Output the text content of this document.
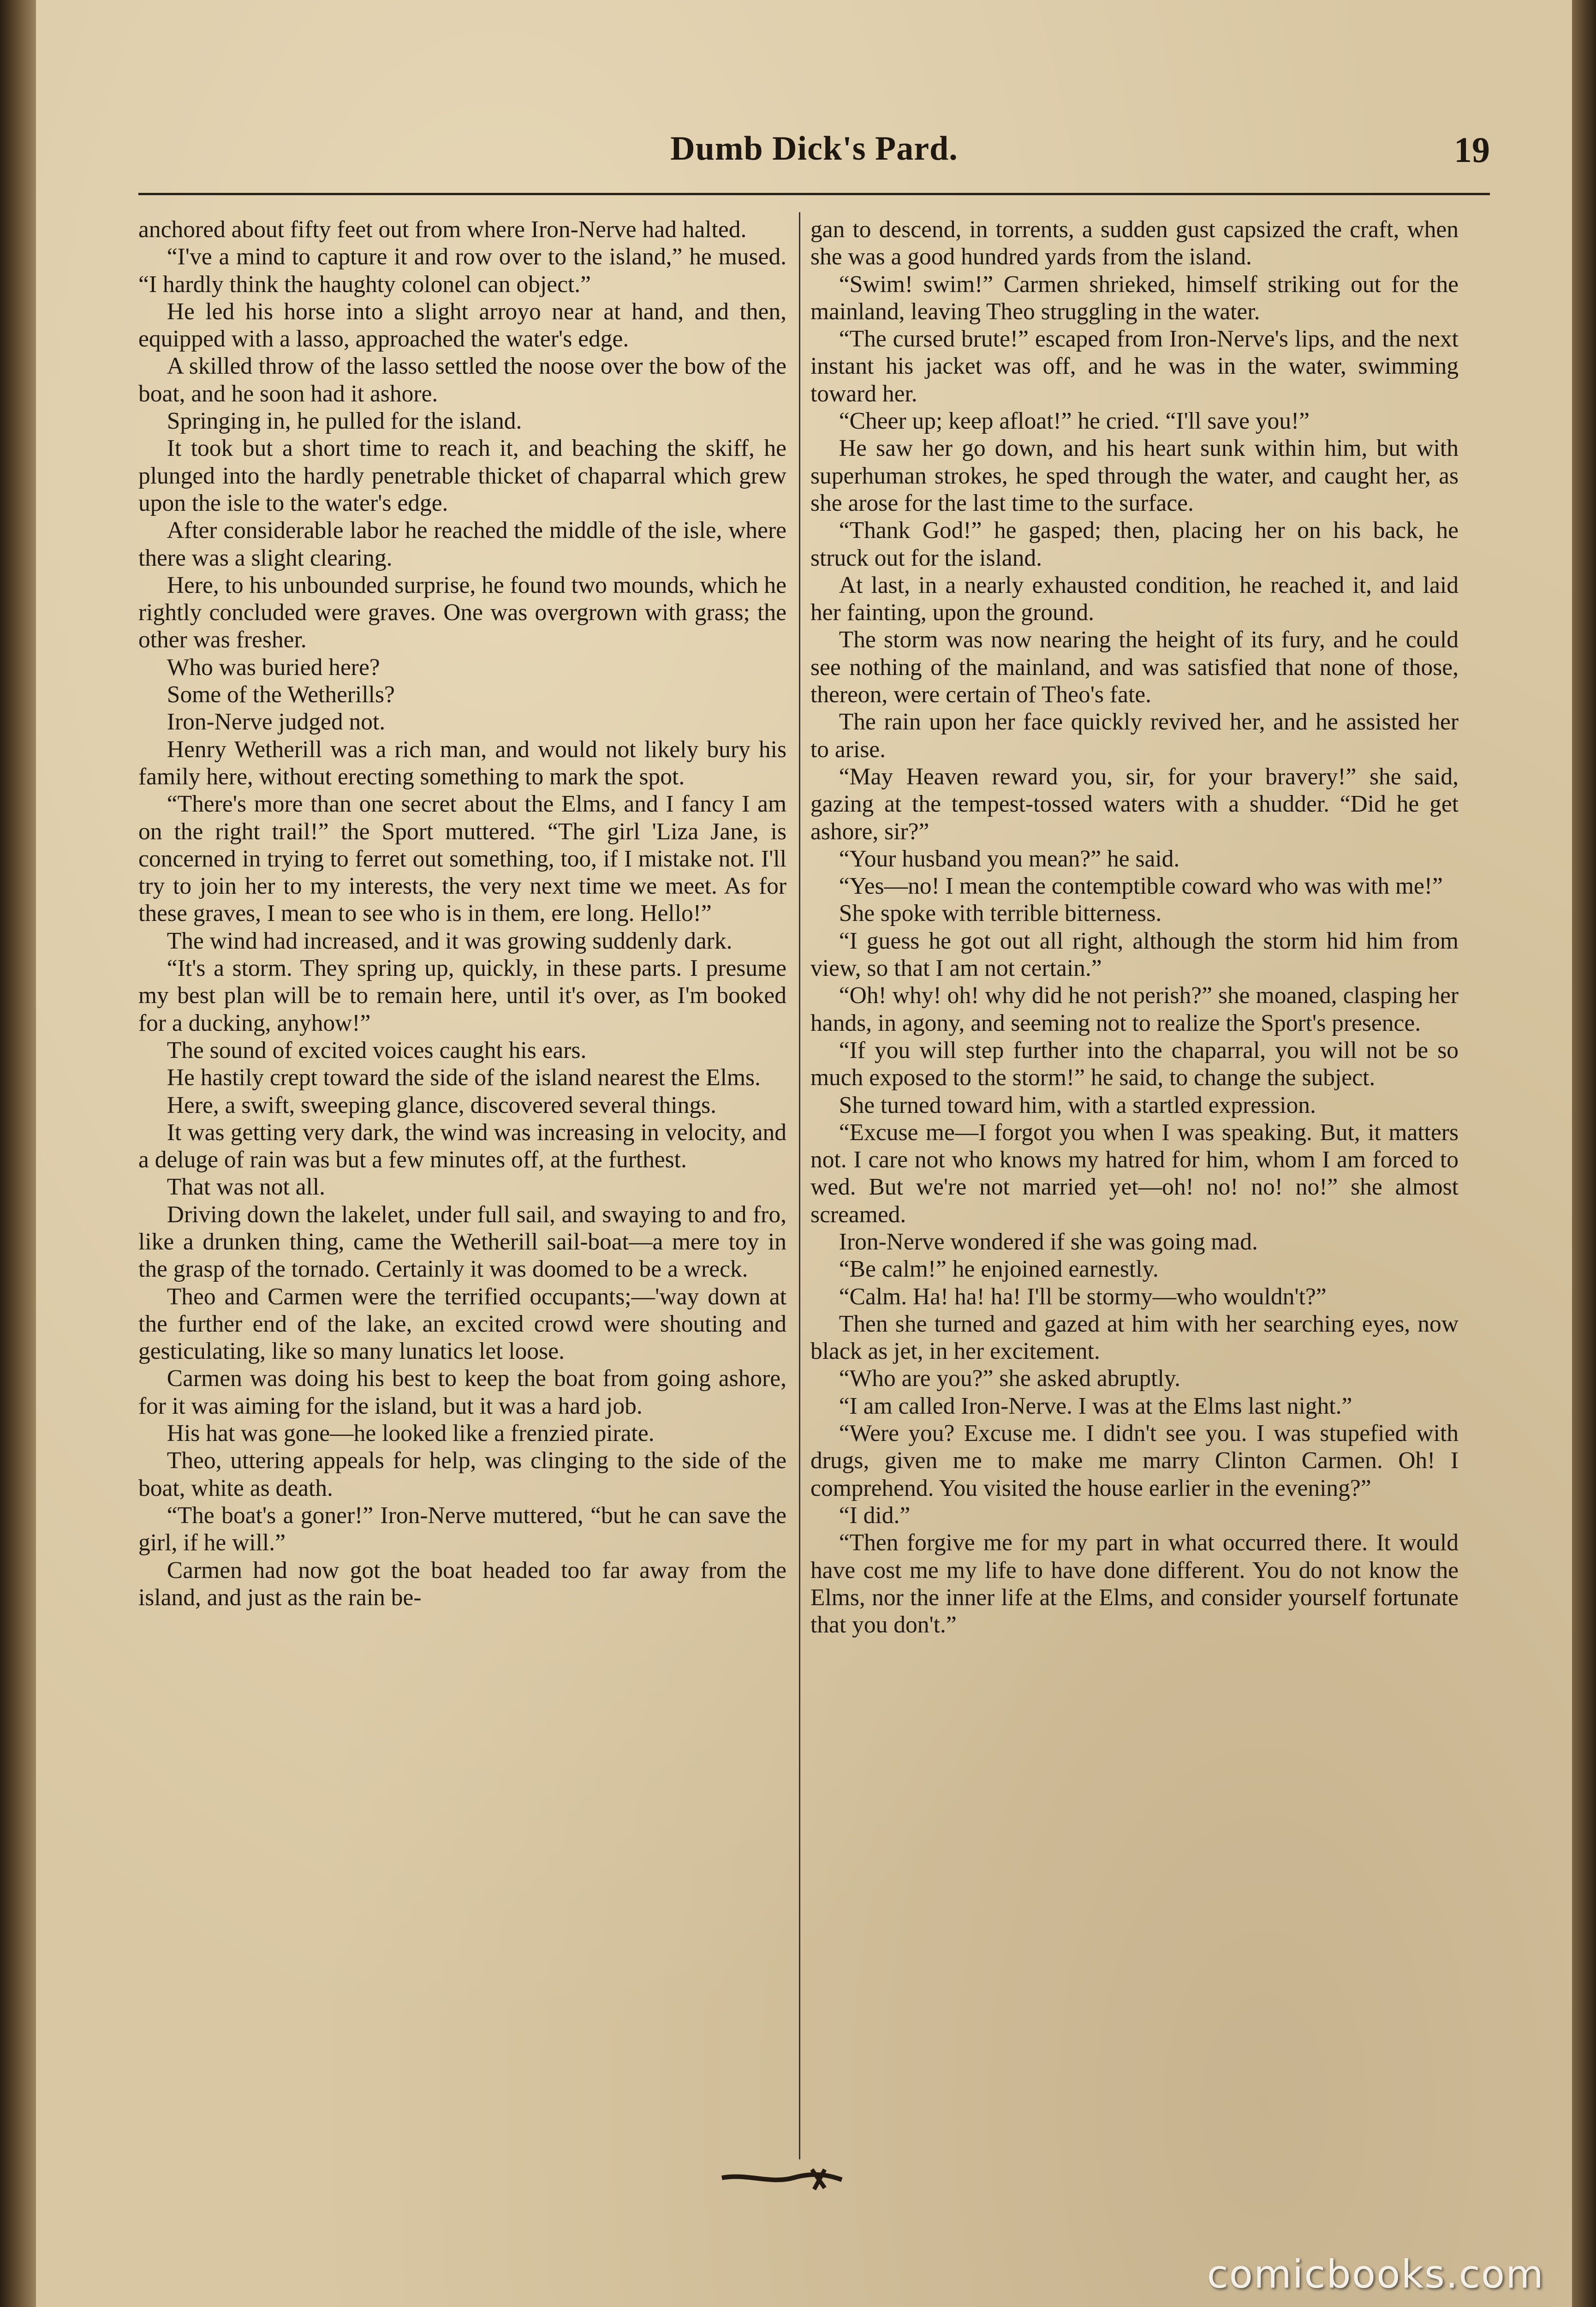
Dumb Dick's Pard.	19

anchored about fifty feet out from where Iron-Nerve had halted.

“I've a mind to capture it and row over to the island,” he mused. “I hardly think the haughty colonel can object.”

He led his horse into a slight arroyo near at hand, and then, equipped with a lasso, approached the water's edge.

A skilled throw of the lasso settled the noose over the bow of the boat, and he soon had it ashore.

Springing in, he pulled for the island.

It took but a short time to reach it, and beaching the skiff, he plunged into the hardly penetrable thicket of chaparral which grew upon the isle to the water's edge.

After considerable labor he reached the middle of the isle, where there was a slight clearing.

Here, to his unbounded surprise, he found two mounds, which he rightly concluded were graves. One was overgrown with grass; the other was fresher.

Who was buried here?

Some of the Wetherills?

Iron-Nerve judged not.

Henry Wetherill was a rich man, and would not likely bury his family here, without erecting something to mark the spot.

“There's more than one secret about the Elms, and I fancy I am on the right trail!” the Sport muttered. “The girl 'Liza Jane, is concerned in trying to ferret out something, too, if I mistake not. I'll try to join her to my interests, the very next time we meet. As for these graves, I mean to see who is in them, ere long. Hello!”

The wind had increased, and it was growing suddenly dark.

“It's a storm. They spring up, quickly, in these parts. I presume my best plan will be to remain here, until it's over, as I'm booked for a ducking, anyhow!”

The sound of excited voices caught his ears.

He hastily crept toward the side of the island nearest the Elms.

Here, a swift, sweeping glance, discovered several things.

It was getting very dark, the wind was increasing in velocity, and a deluge of rain was but a few minutes off, at the furthest.

That was not all.

Driving down the lakelet, under full sail, and swaying to and fro, like a drunken thing, came the Wetherill sail-boat—a mere toy in the grasp of the tornado. Certainly it was doomed to be a wreck.

Theo and Carmen were the terrified occupants;—'way down at the further end of the lake, an excited crowd were shouting and gesticulating, like so many lunatics let loose.

Carmen was doing his best to keep the boat from going ashore, for it was aiming for the island, but it was a hard job.

His hat was gone—he looked like a frenzied pirate.

Theo, uttering appeals for help, was clinging to the side of the boat, white as death.

“The boat's a goner!” Iron-Nerve muttered, “but he can save the girl, if he will.”

Carmen had now got the boat headed too far away from the island, and just as the rain be-

gan to descend, in torrents, a sudden gust capsized the craft, when she was a good hundred yards from the island.

“Swim! swim!” Carmen shrieked, himself striking out for the mainland, leaving Theo struggling in the water.

“The cursed brute!” escaped from Iron-Nerve's lips, and the next instant his jacket was off, and he was in the water, swimming toward her.

“Cheer up; keep afloat!” he cried. “I'll save you!”

He saw her go down, and his heart sunk within him, but with superhuman strokes, he sped through the water, and caught her, as she arose for the last time to the surface.

“Thank God!” he gasped; then, placing her on his back, he struck out for the island.

At last, in a nearly exhausted condition, he reached it, and laid her fainting, upon the ground.

The storm was now nearing the height of its fury, and he could see nothing of the mainland, and was satisfied that none of those, thereon, were certain of Theo's fate.

The rain upon her face quickly revived her, and he assisted her to arise.

“May Heaven reward you, sir, for your bravery!” she said, gazing at the tempest-tossed waters with a shudder. “Did he get ashore, sir?”

“Your husband you mean?” he said.

“Yes—no! I mean the contemptible coward who was with me!”

She spoke with terrible bitterness.

“I guess he got out all right, although the storm hid him from view, so that I am not certain.”

“Oh! why! oh! why did he not perish?” she moaned, clasping her hands, in agony, and seeming not to realize the Sport's presence.

“If you will step further into the chaparral, you will not be so much exposed to the storm!” he said, to change the subject.

She turned toward him, with a startled expression.

“Excuse me—I forgot you when I was speaking. But, it matters not. I care not who knows my hatred for him, whom I am forced to wed. But we're not married yet—oh! no! no! no!” she almost screamed.

Iron-Nerve wondered if she was going mad.

“Be calm!” he enjoined earnestly.

“Calm. Ha! ha! ha! I'll be stormy—who wouldn't?”

Then she turned and gazed at him with her searching eyes, now black as jet, in her excitement.

“Who are you?” she asked abruptly.

“I am called Iron-Nerve. I was at the Elms last night.”

“Were you? Excuse me. I didn't see you. I was stupefied with drugs, given me to make me marry Clinton Carmen. Oh! I comprehend. You visited the house earlier in the evening?”

“I did.”

“Then forgive me for my part in what occurred there. It would have cost me my life to have done different. You do not know the Elms, nor the inner life at the Elms, and consider yourself fortunate that you don't.”

comicbooks.com
